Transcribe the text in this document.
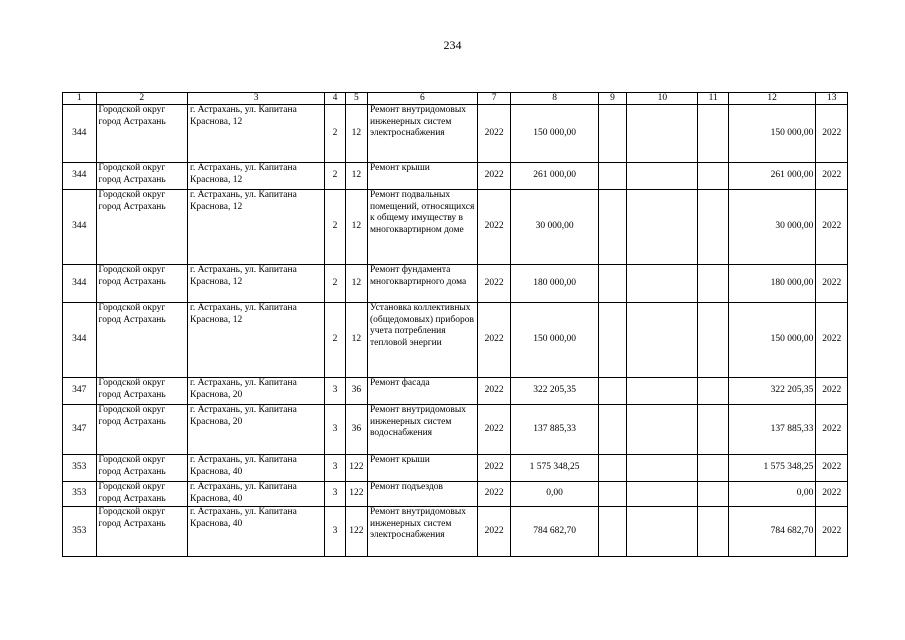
234
1	2	3	4	5	6	7	8	9	10	11	12	13
344	Городской округ город Астрахань	г. Астрахань, ул. Капитана Краснова, 12	2	12	Ремонт внутридомовых инженерных систем электроснабжения	2022	150 000,00				150 000,00	2022
344	Городской округ город Астрахань	г. Астрахань, ул. Капитана Краснова, 12	2	12	Ремонт крыши	2022	261 000,00				261 000,00	2022
344	Городской округ город Астрахань	г. Астрахань, ул. Капитана Краснова, 12	2	12	Ремонт подвальных помещений, относящихся к общему имуществу в многоквартирном доме	2022	30 000,00				30 000,00	2022
344	Городской округ город Астрахань	г. Астрахань, ул. Капитана Краснова, 12	2	12	Ремонт фундамента многоквартирного дома	2022	180 000,00				180 000,00	2022
344	Городской округ город Астрахань	г. Астрахань, ул. Капитана Краснова, 12	2	12	Установка коллективных (общедомовых) приборов учета потребления тепловой энергии	2022	150 000,00				150 000,00	2022
347	Городской округ город Астрахань	г. Астрахань, ул. Капитана Краснова, 20	3	36	Ремонт фасада	2022	322 205,35				322 205,35	2022
347	Городской округ город Астрахань	г. Астрахань, ул. Капитана Краснова, 20	3	36	Ремонт внутридомовых инженерных систем водоснабжения	2022	137 885,33				137 885,33	2022
353	Городской округ город Астрахань	г. Астрахань, ул. Капитана Краснова, 40	3	122	Ремонт крыши	2022	1 575 348,25				1 575 348,25	2022
353	Городской округ город Астрахань	г. Астрахань, ул. Капитана Краснова, 40	3	122	Ремонт подъездов	2022	0,00				0,00	2022
353	Городской округ город Астрахань	г. Астрахань, ул. Капитана Краснова, 40	3	122	Ремонт внутридомовых инженерных систем электроснабжения	2022	784 682,70				784 682,70	2022
